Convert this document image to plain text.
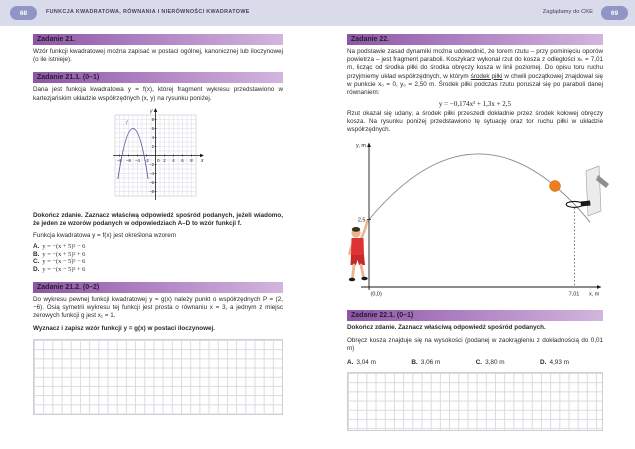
68	FUNKCJA KWADRATOWA, RÓWNANIA I NIERÓWNOŚCI KWADRATOWE	Zaglądamy do CKE	69
Zadanie 21.

Wzór funkcji kwadratowej można zapisać w postaci ogólnej, kanonicznej lub iloczynowej (o ile istnieje).

Zadanie 21.1. (0–1)

Dana jest funkcja kwadratowa y = f(x), której fragment wykresu przedstawiono w kartezjańskim układzie współrzędnych (x, y) na rysunku poniżej.

−8 −6 −4 −2 0 2 4 6 8
8
6
4
2
−2
−4
−6
−8
x
y
f

Dokończ zdanie. Zaznacz właściwą odpowiedź spośród podanych, jeżeli wiadomo, że jeden ze wzorów podanych w odpowiedziach A–D to wzór funkcji f.

Funkcja kwadratowa y = f(x) jest określona wzorem

A. y = −(x + 5)² − 6
B. y = −(x + 5)² + 6
C. y = −(x − 5)² − 6
D. y = −(x − 5)² + 6
Zadanie 21.2. (0–2)

Do wykresu pewnej funkcji kwadratowej y = g(x) należy punkt o współrzędnych P = (2, −6). Osią symetrii wykresu tej funkcji jest prosta o równaniu x = 3, a jednym z miejsc zerowych funkcji g jest x₁ = 1.

Wyznacz i zapisz wzór funkcji y = g(x) w postaci iloczynowej.

Zadanie 22.

Na podstawie zasad dynamiki można udowodnić, że torem rzutu – przy pominięciu oporów powietrza – jest fragment paraboli. Koszykarz wykonał rzut do kosza z odległości xₖ = 7,01 m, licząc od środka piłki do środka obręczy kosza w linii poziomej. Do opisu toru ruchu przyjmiemy układ współrzędnych, w którym środek piłki w chwili początkowej znajdował się w punkcie x₀ = 0, y₀ = 2,50 m. Środek piłki podczas rzutu poruszał się po paraboli danej równaniem:

y = −0,174x² + 1,3x + 2,5

Rzut okazał się udany, a środek piłki przeszedł dokładnie przez środek kołowej obręczy kosza. Na rysunku poniżej przedstawiono tę sytuację oraz tor ruchu piłki w układzie współrzędnych.

y, m
x, m
2,5
(0,0)	7,01
Zadanie 22.1. (0–1)

Dokończ zdanie. Zaznacz właściwą odpowiedź spośród podanych.

Obręcz kosza znajduje się na wysokości (podanej w zaokrągleniu z dokładnością do 0,01 m)

A. 3,04 m	B. 3,06 m	C. 3,80 m	D. 4,93 m
